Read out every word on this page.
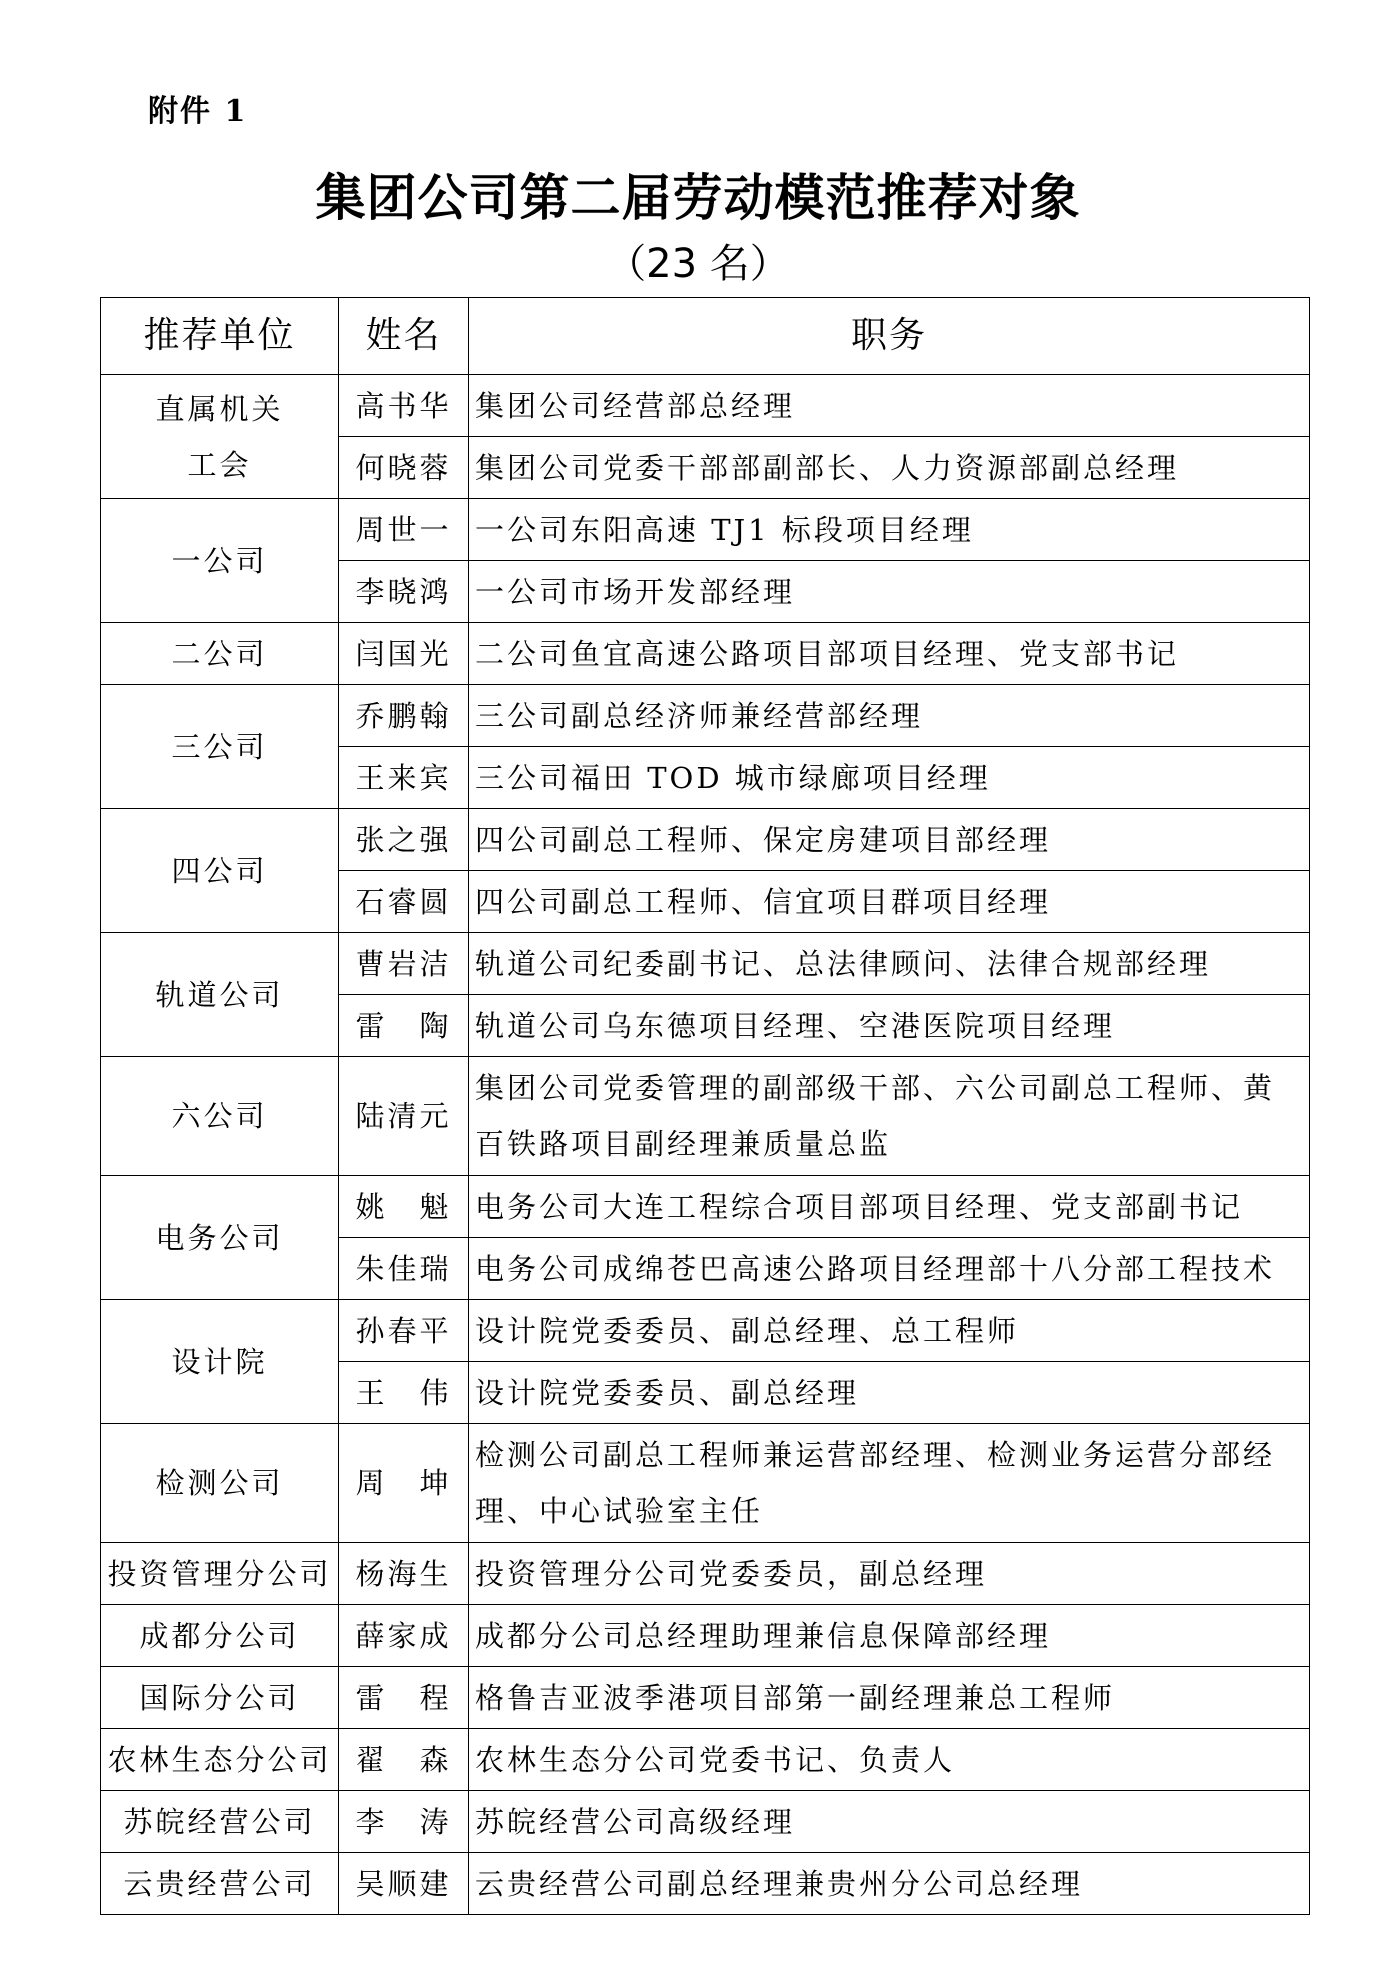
附件 1
集团公司第二届劳动模范推荐对象
（23 名）
推荐单位	姓名	职务
直属机关
工会	高书华	集团公司经营部总经理
	何晓蓉	集团公司党委干部部副部长、人力资源部副总经理
一公司	周世一	一公司东阳高速 TJ1 标段项目经理
	李晓鸿	一公司市场开发部经理
二公司	闫国光	二公司鱼宜高速公路项目部项目经理、党支部书记
三公司	乔鹏翰	三公司副总经济师兼经营部经理
	王来宾	三公司福田 TOD 城市绿廊项目经理
四公司	张之强	四公司副总工程师、保定房建项目部经理
	石睿圆	四公司副总工程师、信宜项目群项目经理
轨道公司	曹岩洁	轨道公司纪委副书记、总法律顾问、法律合规部经理
	雷　陶	轨道公司乌东德项目经理、空港医院项目经理
六公司	陆清元	集团公司党委管理的副部级干部、六公司副总工程师、黄百铁路项目副经理兼质量总监
电务公司	姚　魁	电务公司大连工程综合项目部项目经理、党支部副书记
	朱佳瑞	电务公司成绵苍巴高速公路项目经理部十八分部工程技术
设计院	孙春平	设计院党委委员、副总经理、总工程师
	王　伟	设计院党委委员、副总经理
检测公司	周　坤	检测公司副总工程师兼运营部经理、检测业务运营分部经理、中心试验室主任
投资管理分公司	杨海生	投资管理分公司党委委员，副总经理
成都分公司	薛家成	成都分公司总经理助理兼信息保障部经理
国际分公司	雷　程	格鲁吉亚波季港项目部第一副经理兼总工程师
农林生态分公司	翟　森	农林生态分公司党委书记、负责人
苏皖经营公司	李　涛	苏皖经营公司高级经理
云贵经营公司	吴顺建	云贵经营公司副总经理兼贵州分公司总经理
